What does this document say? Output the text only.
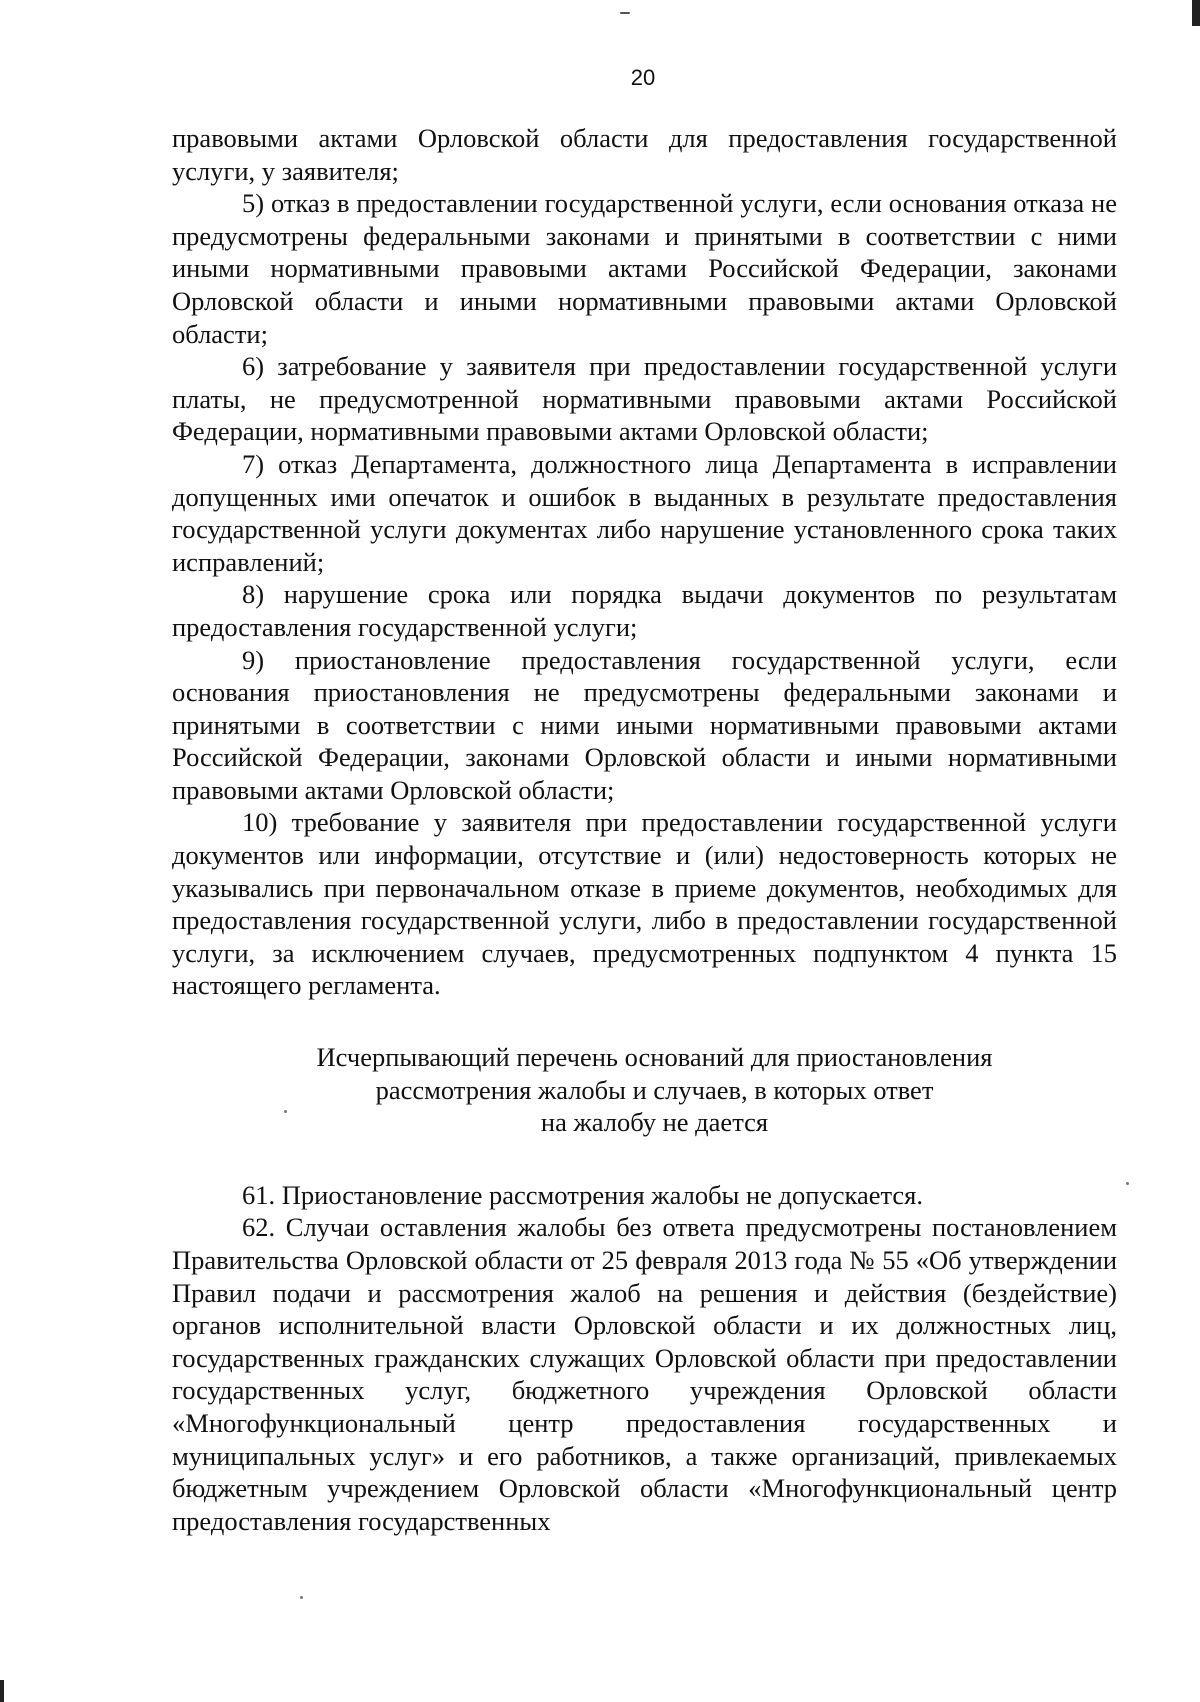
20

правовыми актами Орловской области для предоставления государственной услуги, у заявителя;

5) отказ в предоставлении государственной услуги, если основания отказа не предусмотрены федеральными законами и принятыми в соответствии с ними иными нормативными правовыми актами Российской Федерации, законами Орловской области и иными нормативными правовыми актами Орловской области;

6) затребование у заявителя при предоставлении государственной услуги платы, не предусмотренной нормативными правовыми актами Российской Федерации, нормативными правовыми актами Орловской области;

7) отказ Департамента, должностного лица Департамента в исправлении допущенных ими опечаток и ошибок в выданных в результате предоставления государственной услуги документах либо нарушение установленного срока таких исправлений;

8) нарушение срока или порядка выдачи документов по результатам предоставления государственной услуги;

9) приостановление предоставления государственной услуги, если основания приостановления не предусмотрены федеральными законами и принятыми в соответствии с ними иными нормативными правовыми актами Российской Федерации, законами Орловской области и иными нормативными правовыми актами Орловской области;

10) требование у заявителя при предоставлении государственной услуги документов или информации, отсутствие и (или) недостоверность которых не указывались при первоначальном отказе в приеме документов, необходимых для предоставления государственной услуги, либо в предоставлении государственной услуги, за исключением случаев, предусмотренных подпунктом 4 пункта 15 настоящего регламента.

Исчерпывающий перечень оснований для приостановления
рассмотрения жалобы и случаев, в которых ответ
на жалобу не дается

61. Приостановление рассмотрения жалобы не допускается.

62. Случаи оставления жалобы без ответа предусмотрены постановлением Правительства Орловской области от 25 февраля 2013 года № 55 «Об утверждении Правил подачи и рассмотрения жалоб на решения и действия (бездействие) органов исполнительной власти Орловской области и их должностных лиц, государственных гражданских служащих Орловской области при предоставлении государственных услуг, бюджетного учреждения Орловской области «Многофункциональный центр предоставления государственных и муниципальных услуг» и его работников, а также организаций, привлекаемых бюджетным учреждением Орловской области «Многофункциональный центр предоставления государственных
